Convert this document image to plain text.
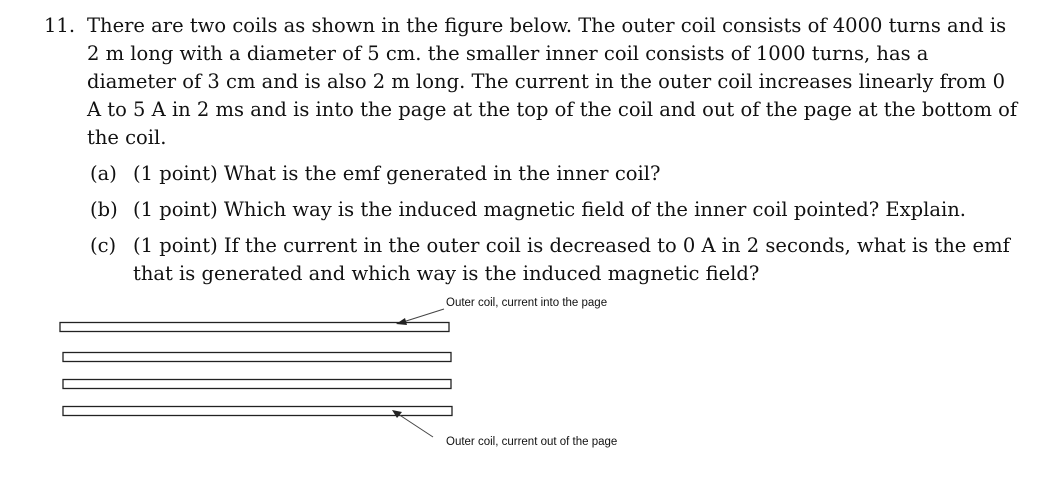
11. There are two coils as shown in the figure below. The outer coil consists of 4000 turns and is 2 m long with a diameter of 5 cm. the smaller inner coil consists of 1000 turns, has a diameter of 3 cm and is also 2 m long. The current in the outer coil increases linearly from 0 A to 5 A in 2 ms and is into the page at the top of the coil and out of the page at the bottom of the coil.
(a) (1 point) What is the emf generated in the inner coil?
(b) (1 point) Which way is the induced magnetic field of the inner coil pointed? Explain.
(c) (1 point) If the current in the outer coil is decreased to 0 A in 2 seconds, what is the emf that is generated and which way is the induced magnetic field?
Outer coil, current into the page
Outer coil, current out of the page
